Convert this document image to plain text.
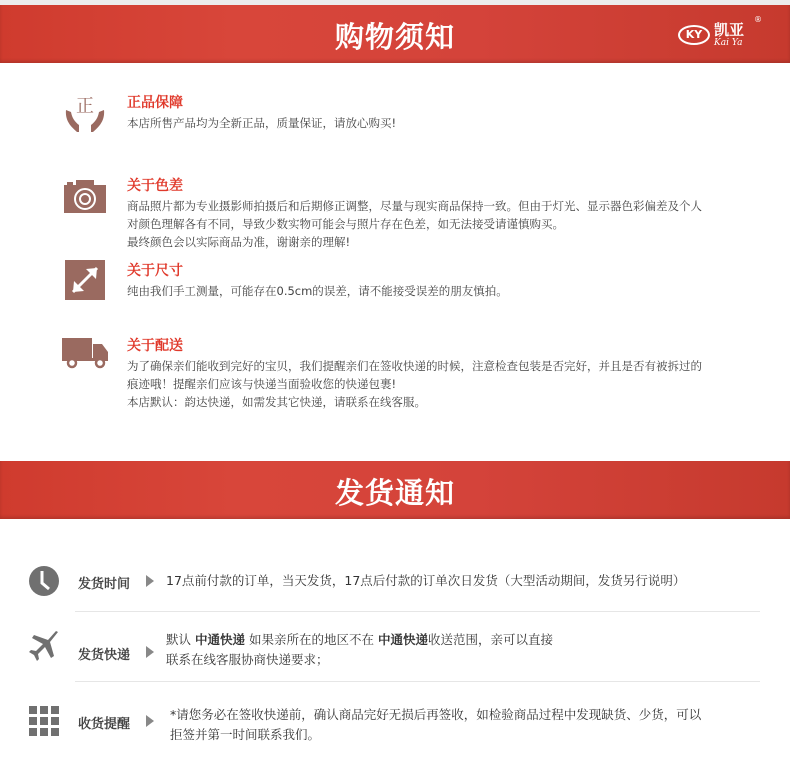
购物须知	KY 凯亚
Kai Ya
®
正 正品保障
本店所售产品均为全新正品，质量保证，请放心购买!
关于色差
商品照片都为专业摄影师拍摄后和后期修正调整，尽量与现实商品保持一致。但由于灯光、显示器色彩偏差及个人
对颜色理解各有不同，导致少数实物可能会与照片存在色差，如无法接受请谨慎购买。
最终颜色会以实际商品为准，谢谢亲的理解!
关于尺寸
纯由我们手工测量，可能存在0.5cm的误差，请不能接受误差的朋友慎拍。
关于配送
为了确保亲们能收到完好的宝贝，我们提醒亲们在签收快递的时候，注意检查包装是否完好，并且是否有被拆过的
痕迹哦！提醒亲们应该与快递当面验收您的快递包裹!
本店默认：韵达快递，如需发其它快递，请联系在线客服。
发货通知
发货时间	17点前付款的订单，当天发货，17点后付款的订单次日发货（大型活动期间，发货另行说明）
发货快递
默认 中通快递 如果亲所在的地区不在 中通快递收送范围，亲可以直接
联系在线客服协商快递要求；
收货提醒
*请您务必在签收快递前，确认商品完好无损后再签收，如检验商品过程中发现缺货、少货，可以
拒签并第一时间联系我们。
